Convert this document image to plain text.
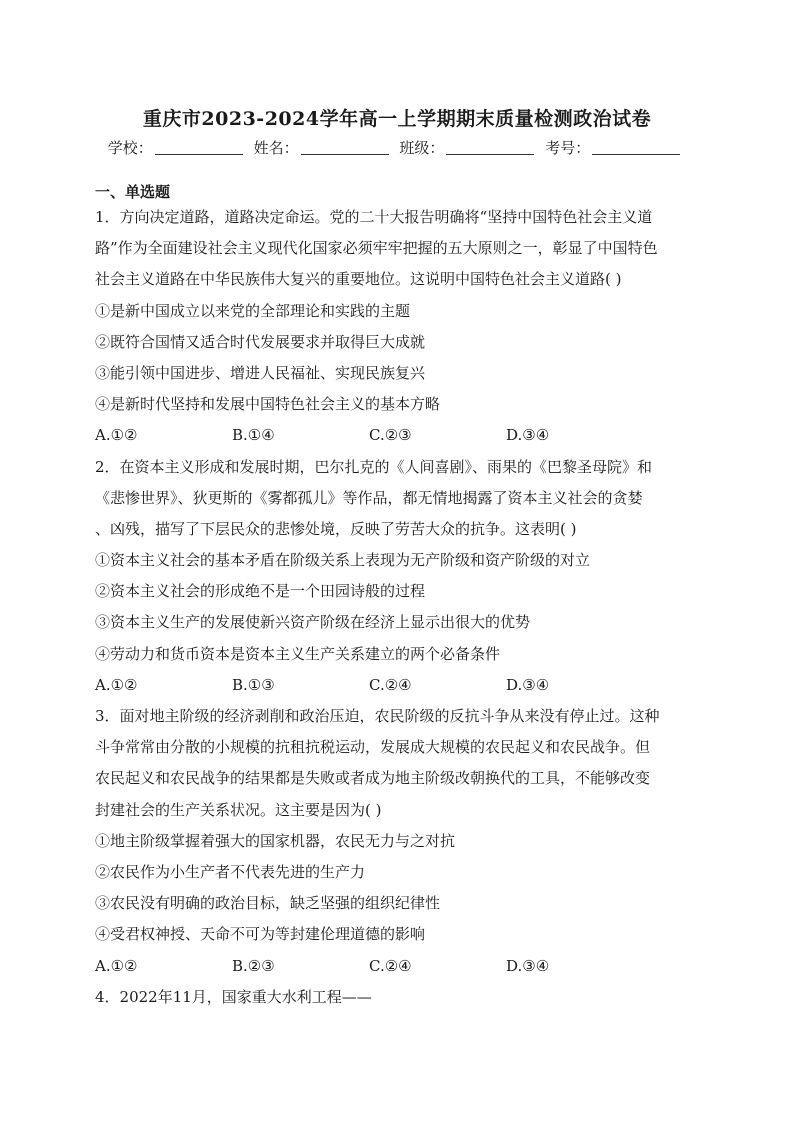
重庆市2023-2024学年高一上学期期末质量检测政治试卷
学校：	姓名：	班级：	考号：
一、单选题
1．方向决定道路，道路决定命运。党的二十大报告明确将“坚持中国特色社会主义道
路”作为全面建设社会主义现代化国家必须牢牢把握的五大原则之一，彰显了中国特色
社会主义道路在中华民族伟大复兴的重要地位。这说明中国特色社会主义道路( )
①是新中国成立以来党的全部理论和实践的主题
②既符合国情又适合时代发展要求并取得巨大成就
③能引领中国进步、增进人民福祉、实现民族复兴
④是新时代坚持和发展中国特色社会主义的基本方略
A.①②	B.①④	C.②③	D.③④
2．在资本主义形成和发展时期，巴尔扎克的《人间喜剧》、雨果的《巴黎圣母院》和
《悲惨世界》、狄更斯的《雾都孤儿》等作品，都无情地揭露了资本主义社会的贪婪
、凶残，描写了下层民众的悲惨处境，反映了劳苦大众的抗争。这表明( )
①资本主义社会的基本矛盾在阶级关系上表现为无产阶级和资产阶级的对立
②资本主义社会的形成绝不是一个田园诗般的过程
③资本主义生产的发展使新兴资产阶级在经济上显示出很大的优势
④劳动力和货币资本是资本主义生产关系建立的两个必备条件
A.①②	B.①③	C.②④	D.③④
3．面对地主阶级的经济剥削和政治压迫，农民阶级的反抗斗争从来没有停止过。这种
斗争常常由分散的小规模的抗租抗税运动，发展成大规模的农民起义和农民战争。但
农民起义和农民战争的结果都是失败或者成为地主阶级改朝换代的工具，不能够改变
封建社会的生产关系状况。这主要是因为( )
①地主阶级掌握着强大的国家机器，农民无力与之对抗
②农民作为小生产者不代表先进的生产力
③农民没有明确的政治目标，缺乏坚强的组织纪律性
④受君权神授、天命不可为等封建伦理道德的影响
A.①②	B.②③	C.②④	D.③④
4．2022年11月，国家重大水利工程——
